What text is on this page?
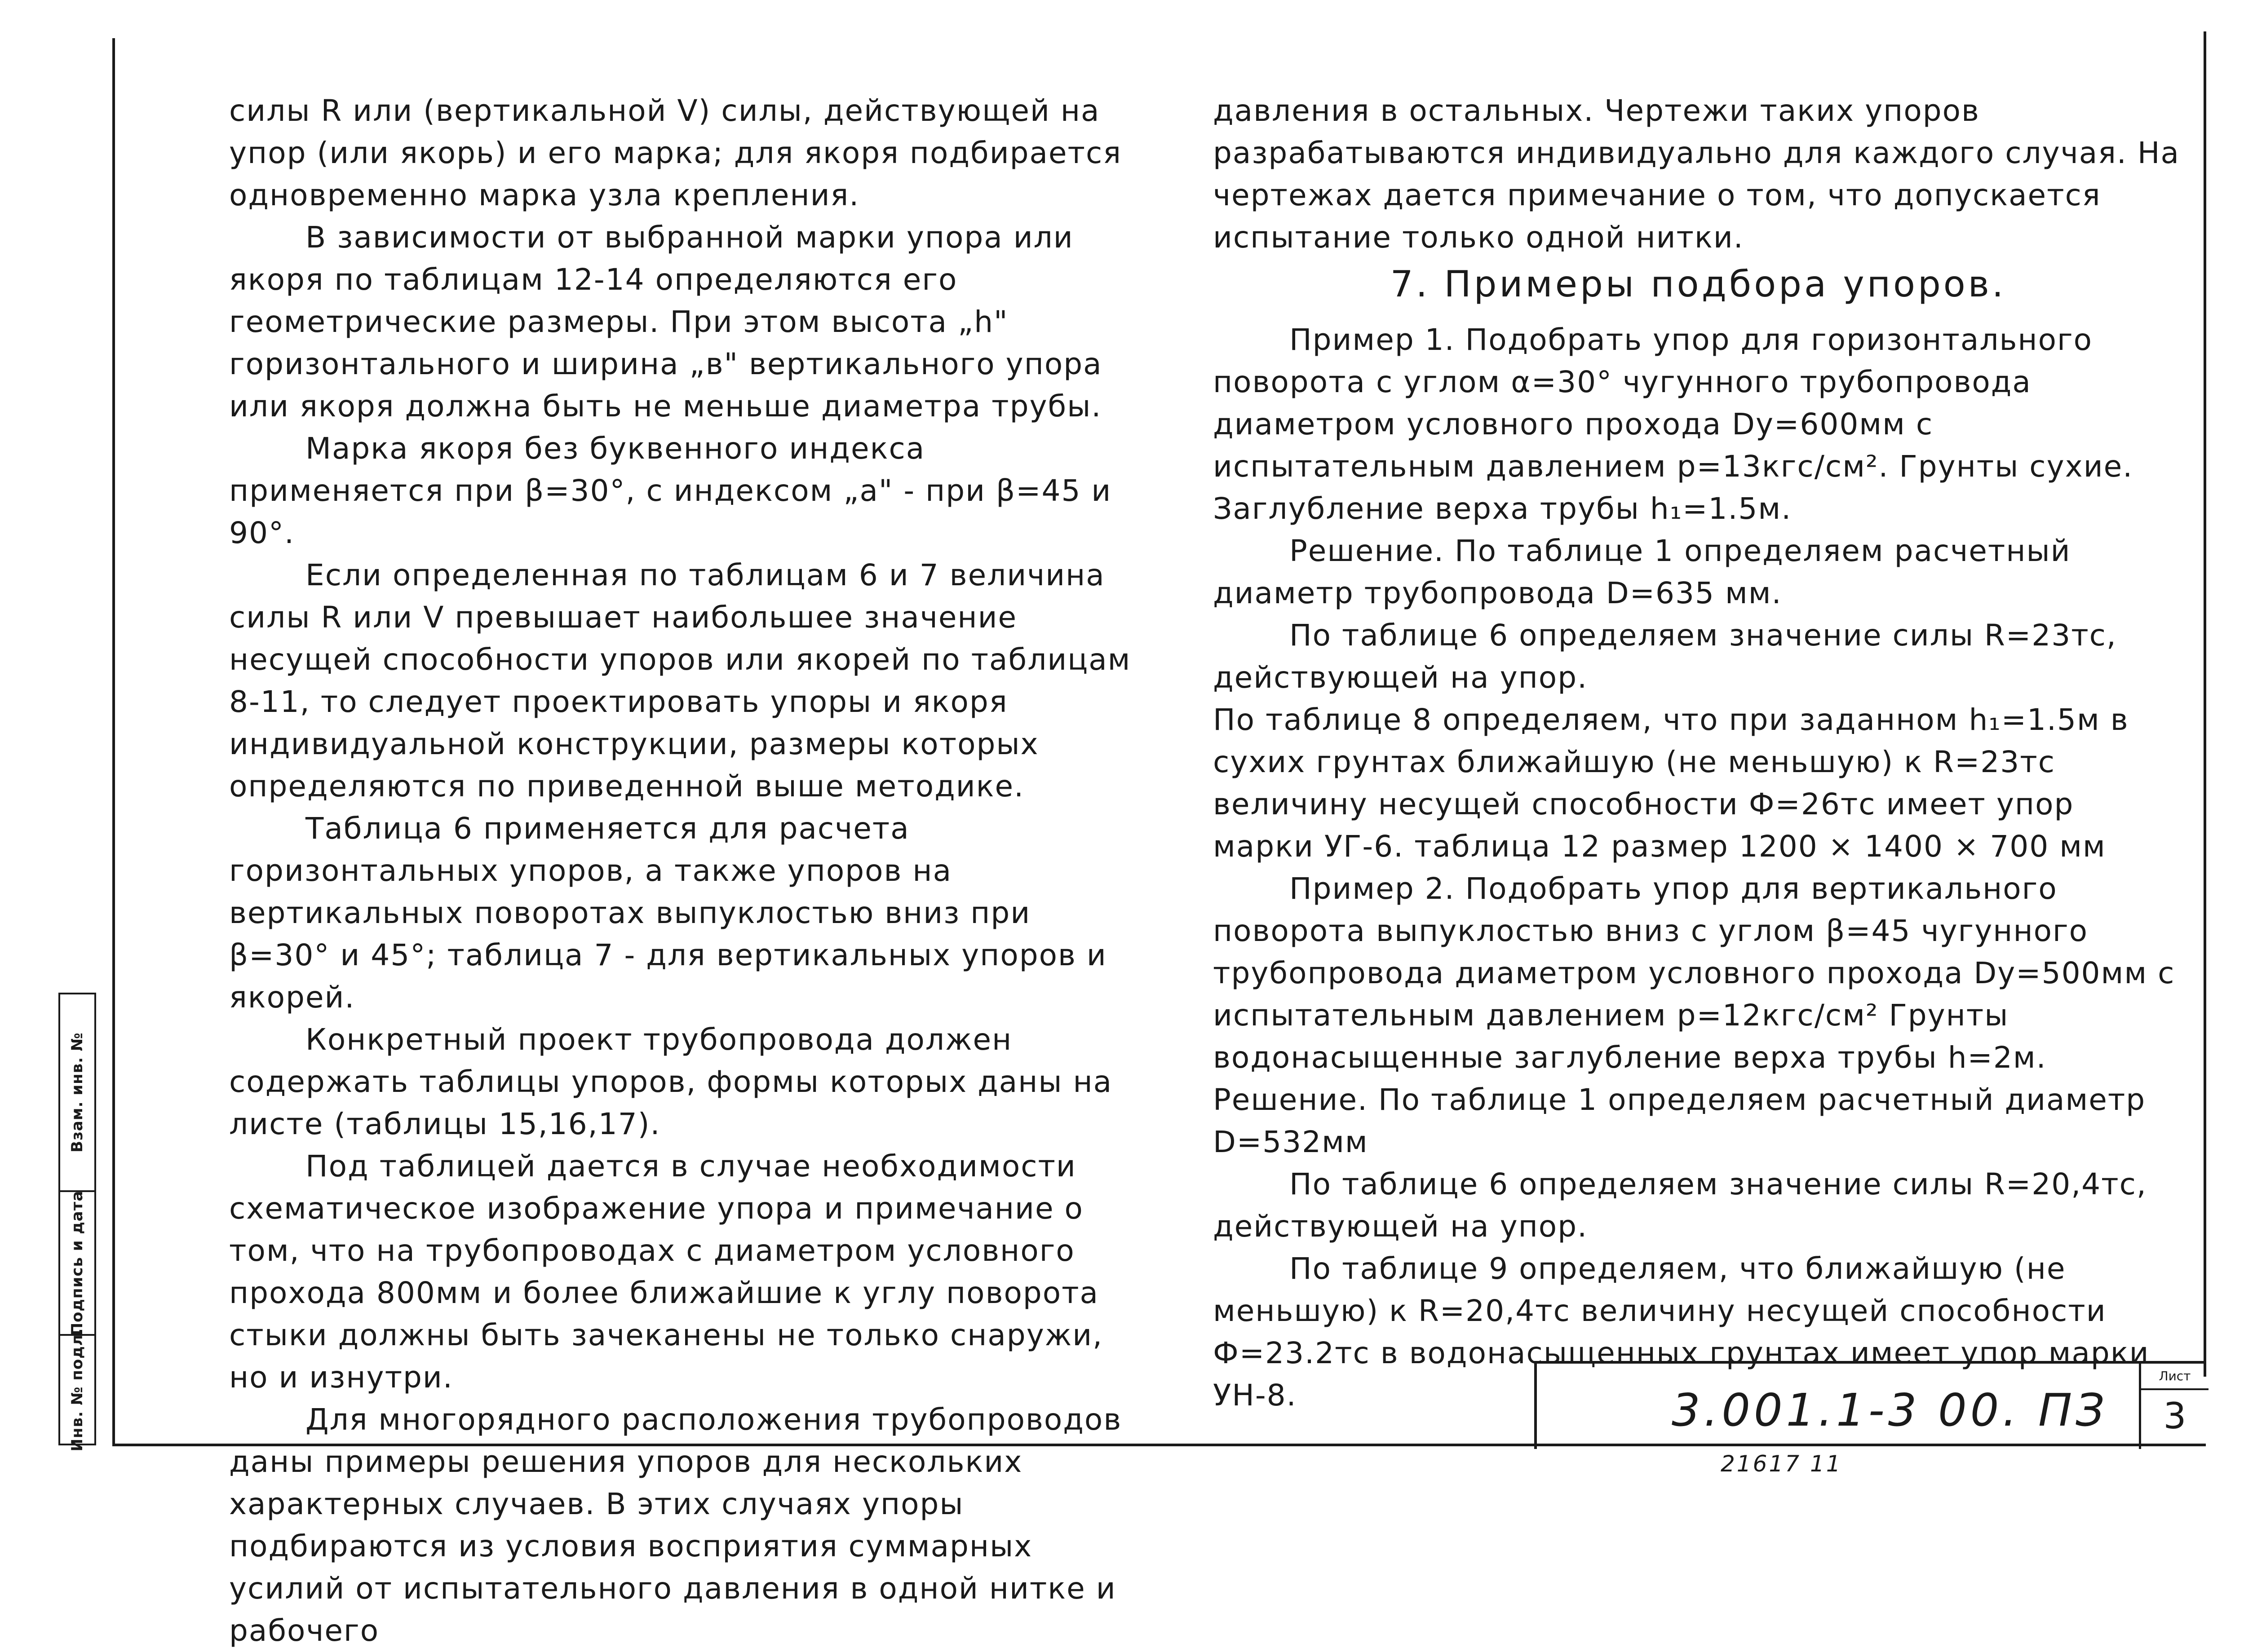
силы R или (вертикальной V) силы, действующей на упор (или якорь) и его марка; для якоря подбирается одновременно марка узла крепления.

В зависимости от выбранной марки упора или якоря по таблицам 12-14 определяются его геометрические размеры. При этом высота „h" горизонтального и ширина „в" вертикального упора или якоря должна быть не меньше диаметра трубы.

Марка якоря без буквенного индекса применяется при β=30°, с индексом „а" - при β=45 и 90°.

Если определенная по таблицам 6 и 7 величина силы R или V превышает наибольшее значение несущей способности упоров или якорей по таблицам 8-11, то следует проектировать упоры и якоря индивидуальной конструкции, размеры которых определяются по приведенной выше методике.

Таблица 6 применяется для расчета горизонтальных упоров, а также упоров на вертикальных поворотах выпуклостью вниз при β=30° и 45°; таблица 7 - для вертикальных упоров и якорей.

Конкретный проект трубопровода должен содержать таблицы упоров, формы которых даны на листе (таблицы 15,16,17).

Под таблицей дается в случае необходимости схематическое изображение упора и примечание о том, что на трубопроводах с диаметром условного прохода 800мм и более ближайшие к углу поворота стыки должны быть зачеканены не только снаружи, но и изнутри.

Для многорядного расположения трубопроводов даны примеры решения упоров для нескольких характерных случаев. В этих случаях упоры подбираются из условия восприятия суммарных усилий от испытательного давления в одной нитке и рабочего

давления в остальных. Чертежи таких упоров разрабатываются индивидуально для каждого случая. На чертежах дается примечание о том, что допускается испытание только одной нитки.

7. Примеры подбора упоров.

Пример 1. Подобрать упор для горизонтального поворота с углом α=30° чугунного трубопровода диаметром условного прохода Dу=600мм с испытательным давлением р=13кгс/см². Грунты сухие. Заглубление верха трубы h₁=1.5м.

Решение. По таблице 1 определяем расчетный диаметр трубопровода D=635 мм.

По таблице 6 определяем значение силы R=23тс, действующей на упор.

По таблице 8 определяем, что при заданном h₁=1.5м в сухих грунтах ближайшую (не меньшую) к R=23тс величину несущей способности Ф=26тс имеет упор марки УГ-6. таблица 12 размер 1200 × 1400 × 700 мм

Пример 2. Подобрать упор для вертикального поворота выпуклостью вниз с углом β=45 чугунного трубопровода диаметром условного прохода Dу=500мм с испытательным давлением р=12кгс/см² Грунты водонасыщенные заглубление верха трубы h=2м.

Решение. По таблице 1 определяем расчетный диаметр D=532мм

По таблице 6 определяем значение силы R=20,4тс, действующей на упор.

По таблице 9 определяем, что ближайшую (не меньшую) к R=20,4тс величину несущей способности Ф=23.2тс в водонасыщенных грунтах имеет упор марки УН-8.

Взам. инв. №
Подпись и дата
Инв. № подл.	3.001.1-3 00. ПЗ
Лист
3
21617 11
